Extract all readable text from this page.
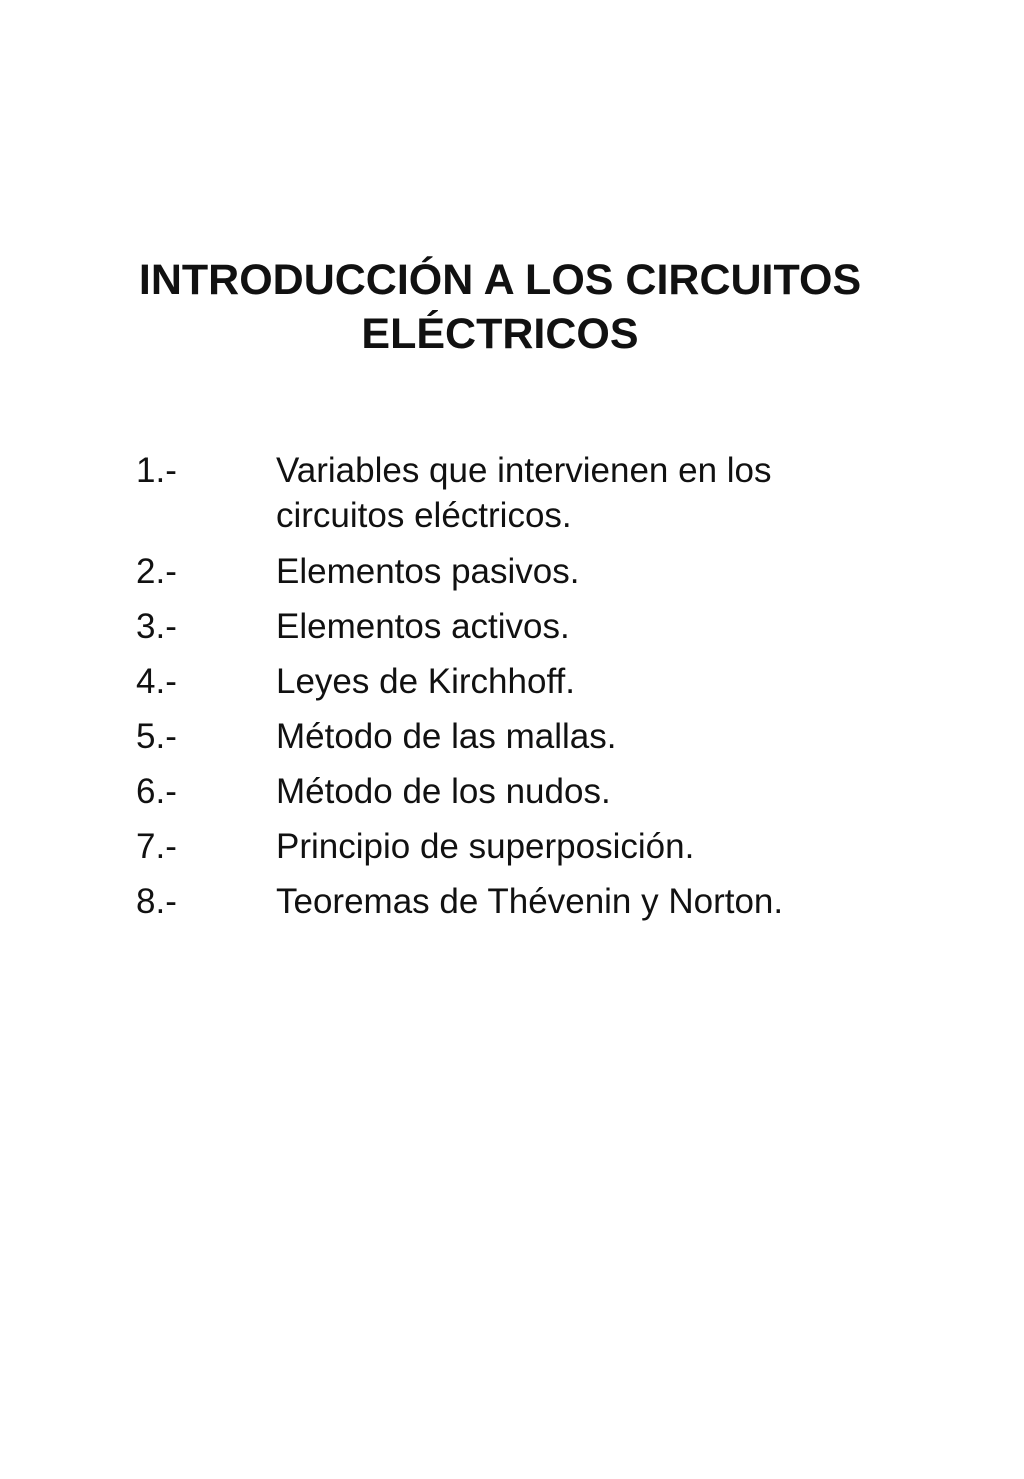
INTRODUCCIÓN A LOS CIRCUITOS
ELÉCTRICOS
1.-	Variables que intervienen en los
circuitos eléctricos.
2.-	Elementos pasivos.
3.-	Elementos activos.
4.-	Leyes de Kirchhoff.
5.-	Método de las mallas.
6.-	Método de los nudos.
7.-	Principio de superposición.
8.-	Teoremas de Thévenin y Norton.
